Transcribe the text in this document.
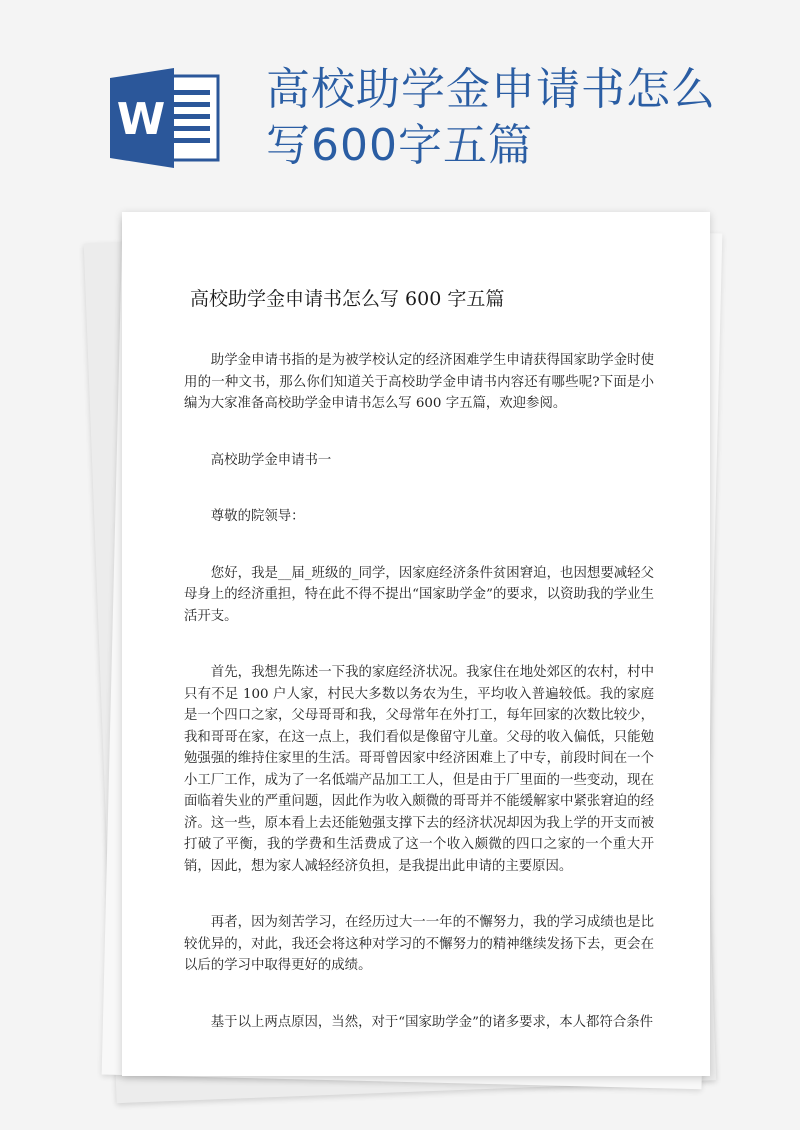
W
高校助学金申请书怎么
写600字五篇
高校助学金申请书怎么写 600 字五篇

助学金申请书指的是为被学校认定的经济困难学生申请获得国家助学金时使用的一种文书，那么你们知道关于高校助学金申请书内容还有哪些呢?下面是小编为大家准备高校助学金申请书怎么写 600 字五篇，欢迎参阅。

高校助学金申请书一

尊敬的院领导：

您好，我是__届_班级的_同学，因家庭经济条件贫困窘迫，也因想要减轻父母身上的经济重担，特在此不得不提出“国家助学金”的要求，以资助我的学业生活开支。

首先，我想先陈述一下我的家庭经济状况。我家住在地处郊区的农村，村中只有不足 100 户人家，村民大多数以务农为生，平均收入普遍较低。我的家庭是一个四口之家，父母哥哥和我，父母常年在外打工，每年回家的次数比较少，我和哥哥在家，在这一点上，我们看似是像留守儿童。父母的收入偏低，只能勉勉强强的维持住家里的生活。哥哥曾因家中经济困难上了中专，前段时间在一个小工厂工作，成为了一名低端产品加工工人，但是由于厂里面的一些变动，现在面临着失业的严重问题，因此作为收入颇微的哥哥并不能缓解家中紧张窘迫的经济。这一些，原本看上去还能勉强支撑下去的经济状况却因为我上学的开支而被打破了平衡，我的学费和生活费成了这一个收入颇微的四口之家的一个重大开销，因此，想为家人减轻经济负担，是我提出此申请的主要原因。

再者，因为刻苦学习，在经历过大一一年的不懈努力，我的学习成绩也是比较优异的，对此，我还会将这种对学习的不懈努力的精神继续发扬下去，更会在以后的学习中取得更好的成绩。

基于以上两点原因，当然，对于“国家助学金”的诸多要求，本人都符合条件
